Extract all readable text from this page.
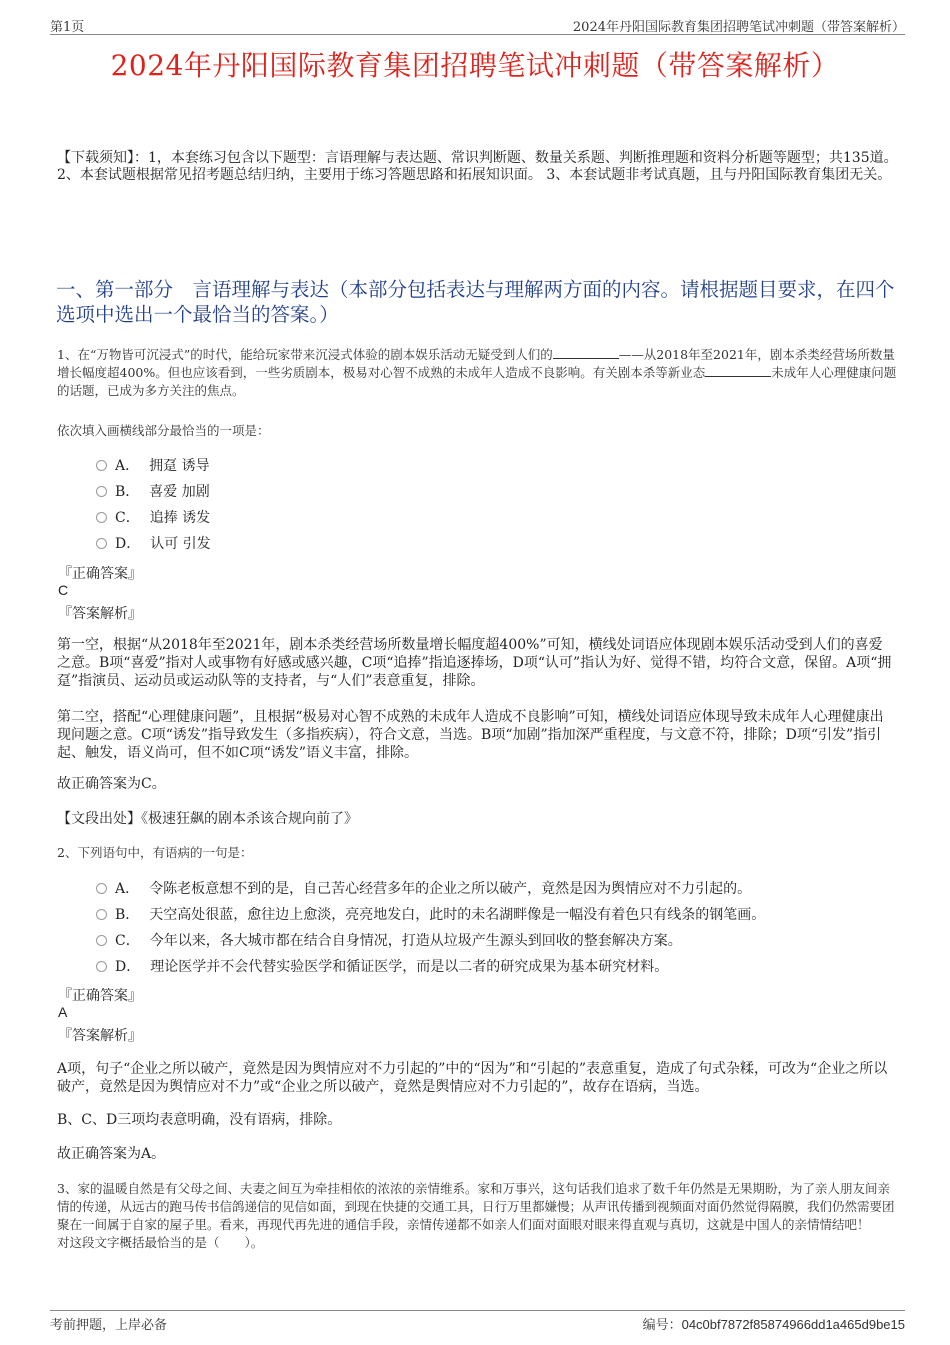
第1页	2024年丹阳国际教育集团招聘笔试冲刺题（带答案解析）
2024年丹阳国际教育集团招聘笔试冲刺题（带答案解析）
【下载须知】：1，本套练习包含以下题型：言语理解与表达题、常识判断题、数量关系题、判断推理题和资料分析题等题型；共135道。 2、本套试题根据常见招考题总结归纳，主要用于练习答题思路和拓展知识面。 3、本套试题非考试真题，且与丹阳国际教育集团无关。
一、第一部分　言语理解与表达（本部分包括表达与理解两方面的内容。请根据题目要求，在四个选项中选出一个最恰当的答案。）
1、在“万物皆可沉浸式”的时代，能给玩家带来沉浸式体验的剧本娱乐活动无疑受到人们的	——从2018年至2021年，剧本杀类经营场所数量增长幅度超400%。但也应该看到，一些劣质剧本，极易对心智不成熟的未成年人造成不良影响。有关剧本杀等新业态	未成年人心理健康问题的话题，已成为多方关注的焦点。
依次填入画横线部分最恰当的一项是：
A． 拥趸 诱导
B． 喜爱 加剧
C． 追捧 诱发
D． 认可 引发
『正确答案』
C
『答案解析』
第一空，根据“从2018年至2021年，剧本杀类经营场所数量增长幅度超400%”可知，横线处词语应体现剧本娱乐活动受到人们的喜爱之意。B项“喜爱”指对人或事物有好感或感兴趣，C项“追捧”指追逐捧场，D项“认可”指认为好、觉得不错，均符合文意，保留。A项“拥趸”指演员、运动员或运动队等的支持者，与“人们”表意重复，排除。
第二空，搭配“心理健康问题”，且根据“极易对心智不成熟的未成年人造成不良影响”可知，横线处词语应体现导致未成年人心理健康出现问题之意。C项“诱发”指导致发生（多指疾病），符合文意，当选。B项“加剧”指加深严重程度，与文意不符，排除；D项“引发”指引起、触发，语义尚可，但不如C项“诱发”语义丰富，排除。
故正确答案为C。
【文段出处】《极速狂飙的剧本杀该合规向前了》
2、下列语句中，有语病的一句是：
A． 令陈老板意想不到的是，自己苦心经营多年的企业之所以破产，竟然是因为舆情应对不力引起的。
B． 天空高处很蓝，愈往边上愈淡，亮亮地发白，此时的未名湖畔像是一幅没有着色只有线条的钢笔画。
C． 今年以来，各大城市都在结合自身情况，打造从垃圾产生源头到回收的整套解决方案。
D． 理论医学并不会代替实验医学和循证医学，而是以二者的研究成果为基本研究材料。
『正确答案』
A
『答案解析』
A项，句子“企业之所以破产，竟然是因为舆情应对不力引起的”中的“因为”和“引起的”表意重复，造成了句式杂糅，可改为“企业之所以破产，竟然是因为舆情应对不力”或“企业之所以破产，竟然是舆情应对不力引起的”，故存在语病，当选。
B、C、D三项均表意明确，没有语病，排除。
故正确答案为A。
3、家的温暖自然是有父母之间、夫妻之间互为牵挂相依的浓浓的亲情维系。家和万事兴，这句话我们追求了数千年仍然是无果期盼，为了亲人朋友间亲情的传递，从远古的跑马传书信鸽递信的见信如面，到现在快捷的交通工具，日行万里都嫌慢；从声讯传播到视频面对面仍然觉得隔膜，我们仍然需要团聚在一间属于自家的屋子里。看来，再现代再先进的通信手段，亲情传递都不如亲人们面对面眼对眼来得直观与真切，这就是中国人的亲情情结吧！
对这段文字概括最恰当的是（　　）。
考前押题，上岸必备	编号：04c0bf7872f85874966dd1a465d9be15
